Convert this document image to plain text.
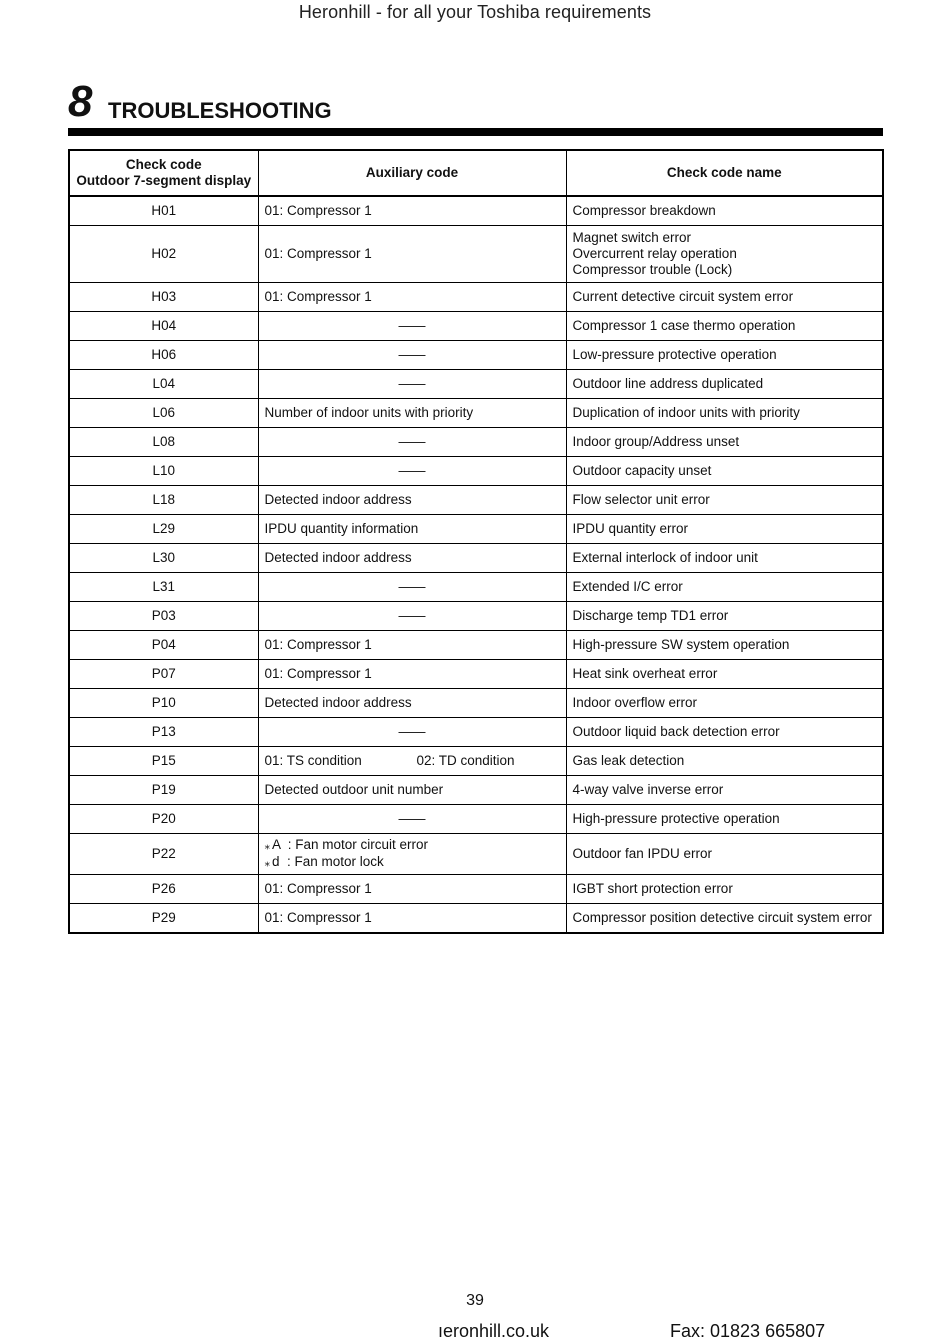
Heronhill - for all your Toshiba requirements
8 TROUBLESHOOTING
Check code
Outdoor 7-segment display	Auxiliary code	Check code name
H01	01: Compressor 1	Compressor breakdown

H02	01: Compressor 1	Magnet switch error
Overcurrent relay operation
Compressor trouble (Lock)

H03	01: Compressor 1	Current detective circuit system error

H04	——	Compressor 1 case thermo operation

H06	——	Low-pressure protective operation

L04	——	Outdoor line address duplicated

L06	Number of indoor units with priority	Duplication of indoor units with priority

L08	——	Indoor group/Address unset

L10	——	Outdoor capacity unset

L18	Detected indoor address	Flow selector unit error

L29	IPDU quantity information	IPDU quantity error

L30	Detected indoor address	External interlock of indoor unit

L31	——	Extended I/C error

P03	——	Discharge temp TD1 error

P04	01: Compressor 1	High-pressure SW system operation

P07	01: Compressor 1	Heat sink overheat error

P10	Detected indoor address	Indoor overflow error

P13	——	Outdoor liquid back detection error

P15	01: TS condition 02: TD condition	Gas leak detection

P19	Detected outdoor unit number	4-way valve inverse error

P20	——	High-pressure protective operation

P22	⁎ A  : Fan motor circuit error
⁎ d  : Fan motor lock	Outdoor fan IPDU error

P26	01: Compressor 1	IGBT short protection error

P29	01: Compressor 1	Compressor position detective circuit system error
39
ıeronhill.co.uk	Fax: 01823 665807
